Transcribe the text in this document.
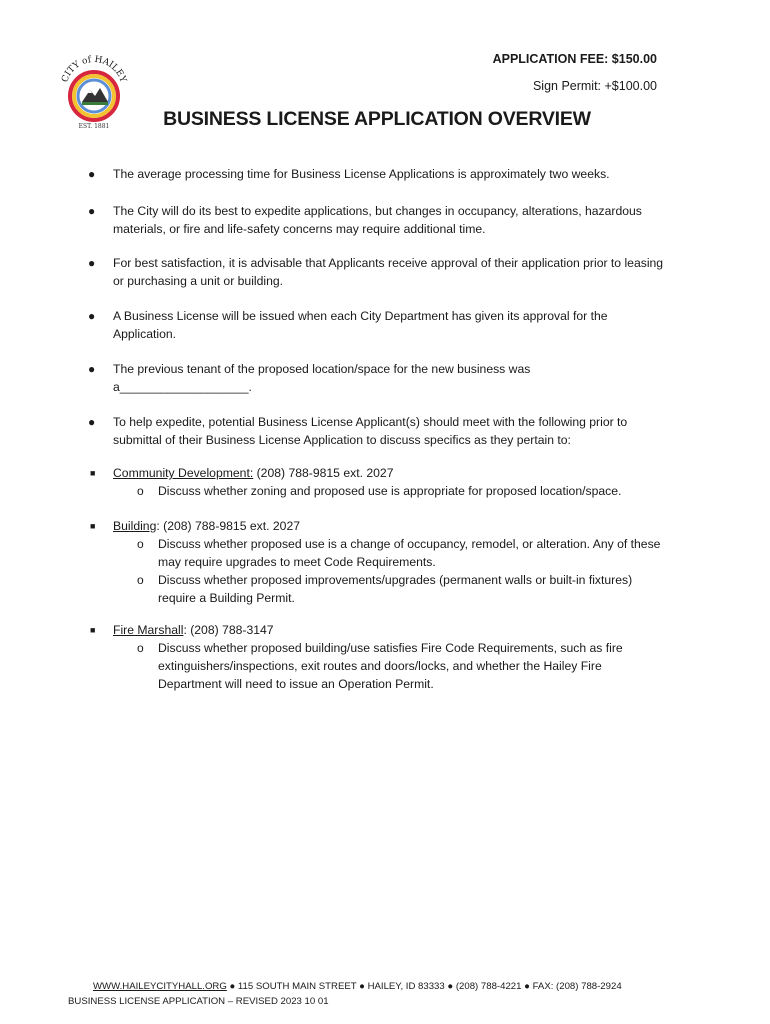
CITY of HAILEY
EST. 1881
APPLICATION FEE: $150.00
Sign Permit: +$100.00
BUSINESS LICENSE APPLICATION OVERVIEW
● The average processing time for Business License Applications is approximately two weeks.
● The City will do its best to expedite applications, but changes in occupancy, alterations, hazardous materials, or fire and life-safety concerns may require additional time.
● For best satisfaction, it is advisable that Applicants receive approval of their application prior to leasing or purchasing a unit or building.
● A Business License will be issued when each City Department has given its approval for the Application.
● The previous tenant of the proposed location/space for the new business was a___________________.
● To help expedite, potential Business License Applicant(s) should meet with the following prior to submittal of their Business License Application to discuss specifics as they pertain to:
■ Community Development: (208) 788-9815 ext. 2027
o Discuss whether zoning and proposed use is appropriate for proposed location/space.
■ Building: (208) 788-9815 ext. 2027
o Discuss whether proposed use is a change of occupancy, remodel, or alteration. Any of these may require upgrades to meet Code Requirements.
o Discuss whether proposed improvements/upgrades (permanent walls or built-in fixtures) require a Building Permit.
■ Fire Marshall: (208) 788-3147
o Discuss whether proposed building/use satisfies Fire Code Requirements, such as fire extinguishers/inspections, exit routes and doors/locks, and whether the Hailey Fire Department will need to issue an Operation Permit.
WWW.HAILEYCITYHALL.ORG ● 115 SOUTH MAIN STREET ● HAILEY, ID 83333 ● (208) 788-4221 ● FAX: (208) 788-2924
BUSINESS LICENSE APPLICATION – REVISED 2023 10 01
